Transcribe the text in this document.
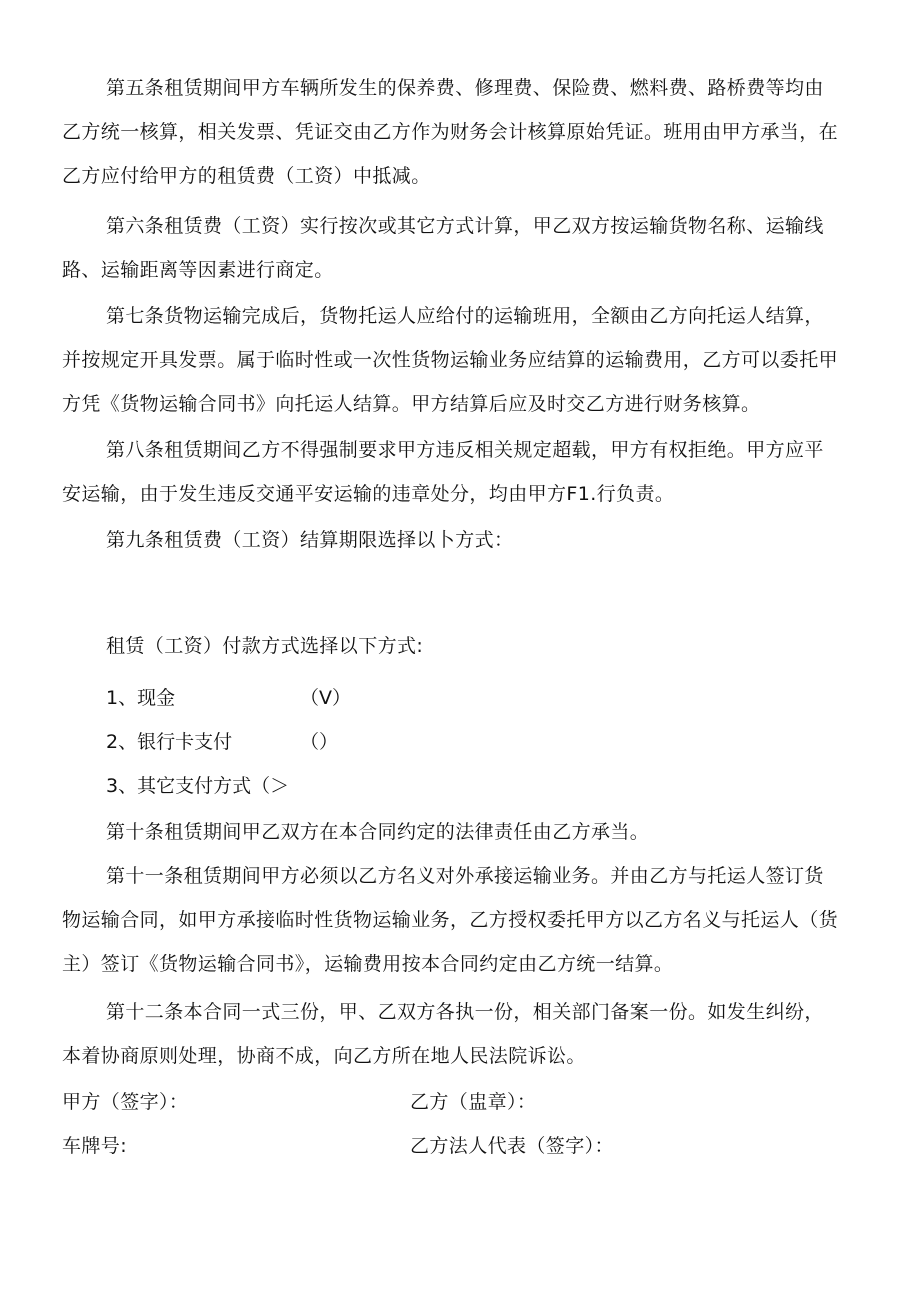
第五条租赁期间甲方车辆所发生的保养费、修理费、保险费、燃料费、路桥费等均由
乙方统一核算，相关发票、凭证交由乙方作为财务会计核算原始凭证。班用由甲方承当，在
乙方应付给甲方的租赁费（工资）中抵减。
第六条租赁费（工资）实行按次或其它方式计算，甲乙双方按运输货物名称、运输线
路、运输距离等因素进行商定。
第七条货物运输完成后，货物托运人应给付的运输班用，全额由乙方向托运人结算，
并按规定开具发票。属于临时性或一次性货物运输业务应结算的运输费用，乙方可以委托甲
方凭《货物运输合同书》向托运人结算。甲方结算后应及时交乙方进行财务核算。
第八条租赁期间乙方不得强制要求甲方违反相关规定超载，甲方有权拒绝。甲方应平
安运输，由于发生违反交通平安运输的违章处分，均由甲方F1.行负责。
第九条租赁费（工资）结算期限选择以卜方式：
租赁（工资）付款方式选择以下方式:
1、现金	（V）
2、银行卡支付	（）
3、其它支付方式（＞
第十条租赁期间甲乙双方在本合同约定的法律责任由乙方承当。
第十一条租赁期间甲方必须以乙方名义对外承接运输业务。并由乙方与托运人签订货
物运输合同，如甲方承接临时性货物运输业务，乙方授权委托甲方以乙方名义与托运人（货
主）签订《货物运输合同书》，运输费用按本合同约定由乙方统一结算。
第十二条本合同一式三份，甲、乙双方各执一份，相关部门备案一份。如发生纠纷，
本着协商原则处理，协商不成，向乙方所在地人民法院诉讼。
甲方（签字）：	乙方（盅章）：
车牌号:	乙方法人代表（签字）：
